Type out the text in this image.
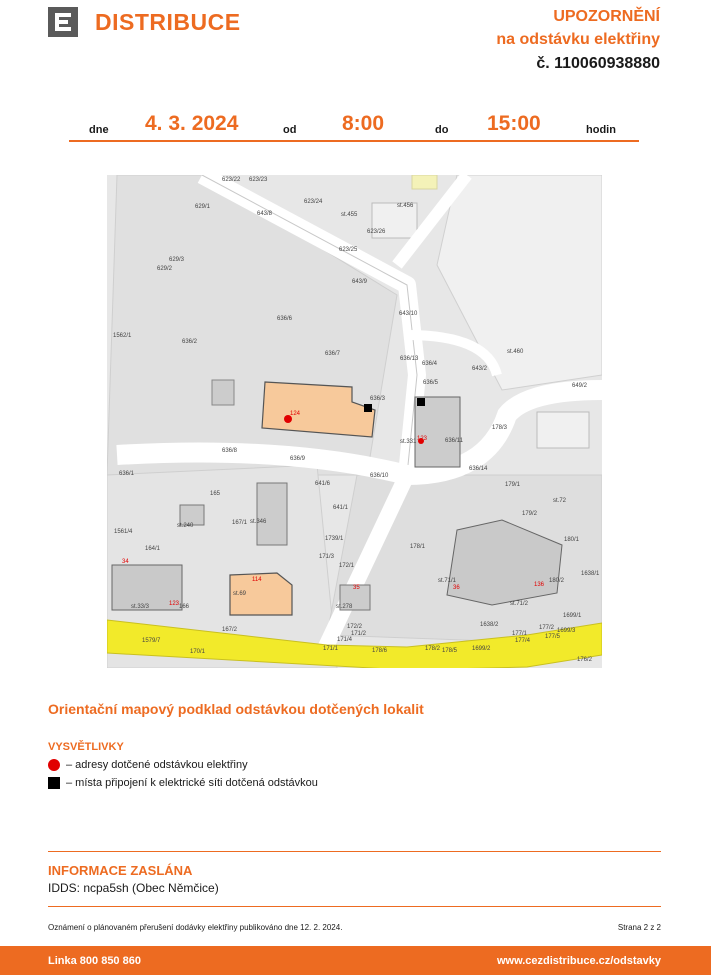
DISTRIBUCE	UPOZORNĚNÍ
na odstávku elektřiny
č. 110060938880
dne 4. 3. 2024	od 8:00	do 15:00	hodin
124
123
114
34
35	36	136
123
623/22 623/23
629/1
643/8
623/24
st.455
st.456
623/26
623/25
629/3
629/2
643/9
636/6
643/10
1562/1
636/2
636/7
636/13
636/4
643/2
st.460
636/5	649/2
636/3
178/3
st.331	636/11
636/8
636/9
636/14
636/1	636/10
179/1
165
641/6
641/1
st.72
st.240	167/1 st.346
179/2
1561/4
1739/1
178/1
180/1
164/1
171/3
172/1
1638/1
st.71/1
st.69
st.33/3	166	st.278
180/2
st.71/2
1699/1
172/2	1638/2
167/2
171/2
177/2
1579/7	171/4
177/1	1699/3
177/4
177/5
170/1	171/1	178/6	178/2 178/5 1699/2
176/2
Orientační mapový podklad odstávkou dotčených lokalit
VYSVĚTLIVKY
– adresy dotčené odstávkou elektřiny
– místa připojení k elektrické síti dotčená odstávkou
INFORMACE ZASLÁNA
IDDS: ncpa5sh (Obec Němčice)
Oznámení o plánovaném přerušení dodávky elektřiny publikováno dne 12. 2. 2024.	Strana 2 z 2
Linka 800 850 860	www.cezdistribuce.cz/odstavky
